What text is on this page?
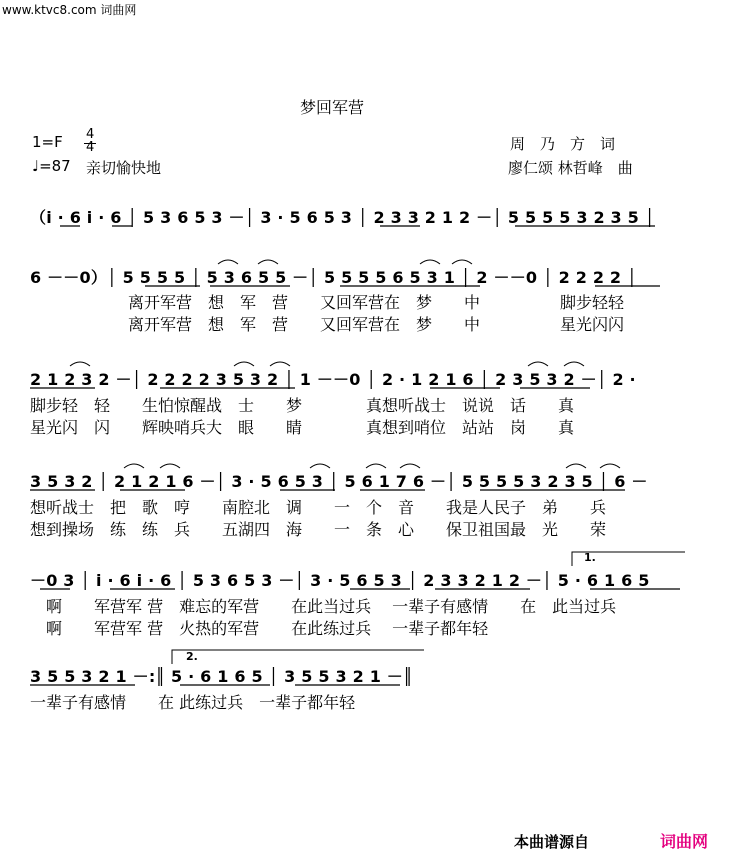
www.ktvc8.com 词曲网
梦回军营
1=F 4
4
♩=87 亲切愉快地
周　乃　方　词
廖仁颂 林哲峰　曲
（i · 6 i · 6 │ 5 3 6 5 3 －│ 3 · 5 6 5 3 │ 2 3 3 2 1 2 －│ 5 5 5 5 3 2 3 5 │
6 －－0）│ 5 5 5 5 │ 5 3 6 5 5 －│ 5 5 5 5 6 5 3 1 │ 2 －－0 │ 2 2 2 2 │
离开军营　想　军　营　　又回军营在　梦　　中　　　　　脚步轻轻
离开军营　想　军　营　　又回军营在　梦　　中　　　　　星光闪闪
2 1 2 3 2 －│ 2 2 2 2 3 5 3 2 │ 1 －－0 │ 2 · 1 2 1 6 │ 2 3 5 3 2 －│ 2 ·
脚步轻　轻　　生怕惊醒战　士　　梦　　　　真想听战士　说说　话　　真
星光闪　闪　　辉映哨兵大　眼　　睛　　　　真想到哨位　站站　岗　　真
3 5 3 2 │ 2 1 2 1 6 －│ 3 · 5 6 5 3 │ 5 6 1 7 6 －│ 5 5 5 5 3 2 3 5 │ 6 －
想听战士　把　歌　哼　　南腔北　调　　一　个　音　　我是人民子　弟　　兵
想到操场　练　练　兵　　五湖四　海　　一　条　心　　保卫祖国最　光　　荣
－0 3 │ i · 6 i · 6 │ 5 3 6 5 3 －│ 3 · 5 6 5 3 │ 2 3 3 2 1 2 －│ 5 · 6 1 6 5
　啊　　军营军 营　难忘的军营　　在此当过兵　 一辈子有感情　　在　此当过兵
　啊　　军营军 营　火热的军营　　在此练过兵　 一辈子都年轻
1.
3 5 5 3 2 1 －:║ 5 · 6 1 6 5 │ 3 5 5 3 2 1 －║
一辈子有感情　　在 此练过兵　一辈子都年轻
2.
本曲谱源自	词曲网
